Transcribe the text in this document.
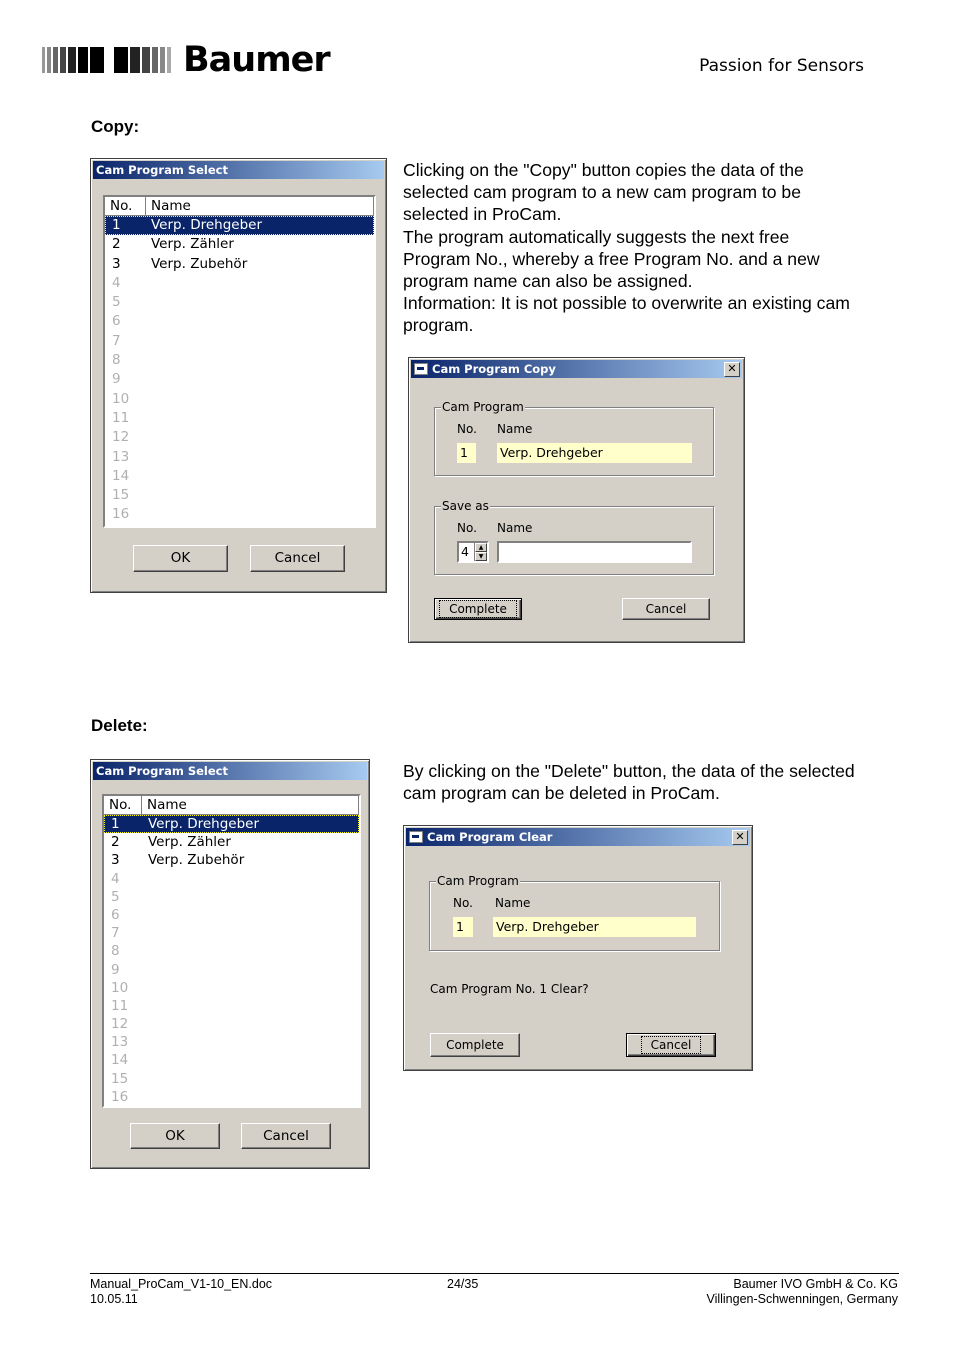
Baumer	Passion for Sensors
Copy:
Cam Program Select
No.	Name
1	Verp. Drehgeber
2	Verp. Zähler
3	Verp. Zubehör
4
5
6
7
8
9
10
11
12
13
14
15
16
OK	Cancel
Clicking on the "Copy" button copies the data of the
selected cam program to a new cam program to be
selected in ProCam.
The program automatically suggests the next free
Program No., whereby a free Program No. and a new
program name can also be assigned.
Information: It is not possible to overwrite an existing cam
program.
Cam Program Copy	✕
Cam Program
No. Name
1	Verp. Drehgeber
Save as
No. Name
4	▲
▼
Complete	Cancel
Delete:
Cam Program Select
No.	Name
1	Verp. Drehgeber
2	Verp. Zähler
3	Verp. Zubehör
4
5
6
7
8
9
10
11
12
13
14
15
16
OK	Cancel
By clicking on the "Delete" button, the data of the selected
cam program can be deleted in ProCam.
Cam Program Clear	✕
Cam Program
No. Name
1	Verp. Drehgeber
Cam Program No. 1 Clear?
Complete	Cancel
Manual_ProCam_V1-10_EN.doc
10.05.11
24/35	Baumer IVO GmbH & Co. KG
Villingen-Schwenningen, Germany
